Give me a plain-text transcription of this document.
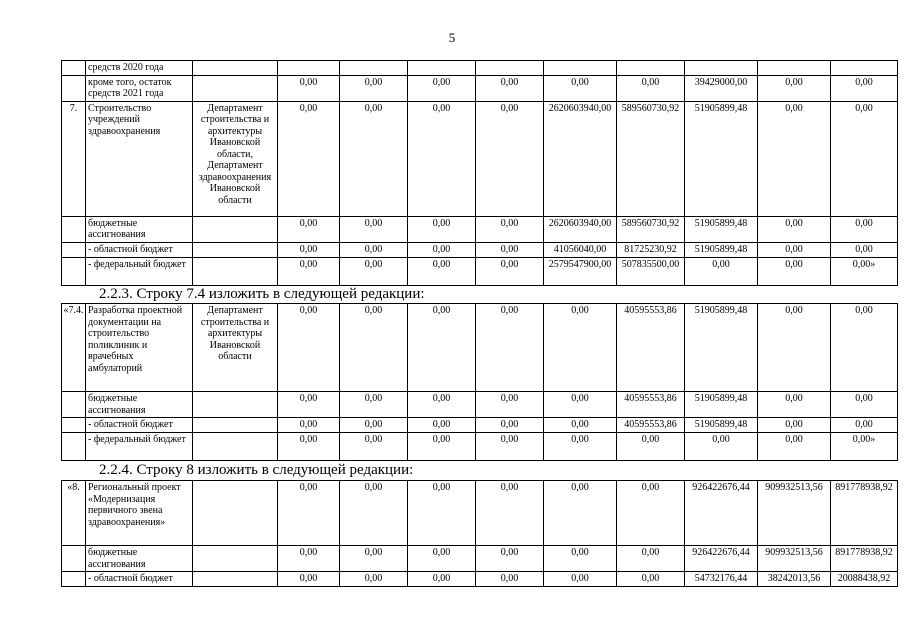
5
	средств 2020 года										
	кроме того, остаток средств 2021 года		0,00	0,00	0,00	0,00	0,00	0,00	39429000,00	0,00	0,00
7.	Строительство учреждений здравоохранения	Департамент строительства и архитектуры Ивановской области, Департамент здравоохранения Ивановской области	0,00	0,00	0,00	0,00	2620603940,00	589560730,92	51905899,48	0,00	0,00
	бюджетные ассигнования		0,00	0,00	0,00	0,00	2620603940,00	589560730,92	51905899,48	0,00	0,00
	- областной бюджет		0,00	0,00	0,00	0,00	41056040,00	81725230,92	51905899,48	0,00	0,00
	- федеральный бюджет		0,00	0,00	0,00	0,00	2579547900,00	507835500,00	0,00	0,00	0,00»
2.2.3. Строку 7.4 изложить в следующей редакции:
«7.4.	Разработка проектной документации на строительство поликлиник и врачебных амбулаторий	Департамент строительства и архитектуры Ивановской области	0,00	0,00	0,00	0,00	0,00	40595553,86	51905899,48	0,00	0,00
	бюджетные ассигнования		0,00	0,00	0,00	0,00	0,00	40595553,86	51905899,48	0,00	0,00
	- областной бюджет		0,00	0,00	0,00	0,00	0,00	40595553,86	51905899,48	0,00	0,00
	- федеральный бюджет		0,00	0,00	0,00	0,00	0,00	0,00	0,00	0,00	0,00»
2.2.4. Строку 8 изложить в следующей редакции:
«8.	Региональный проект «Модернизация первичного звена здравоохранения»		0,00	0,00	0,00	0,00	0,00	0,00	926422676,44	909932513,56	891778938,92
	бюджетные ассигнования		0,00	0,00	0,00	0,00	0,00	0,00	926422676,44	909932513,56	891778938,92
	- областной бюджет		0,00	0,00	0,00	0,00	0,00	0,00	54732176,44	38242013,56	20088438,92
